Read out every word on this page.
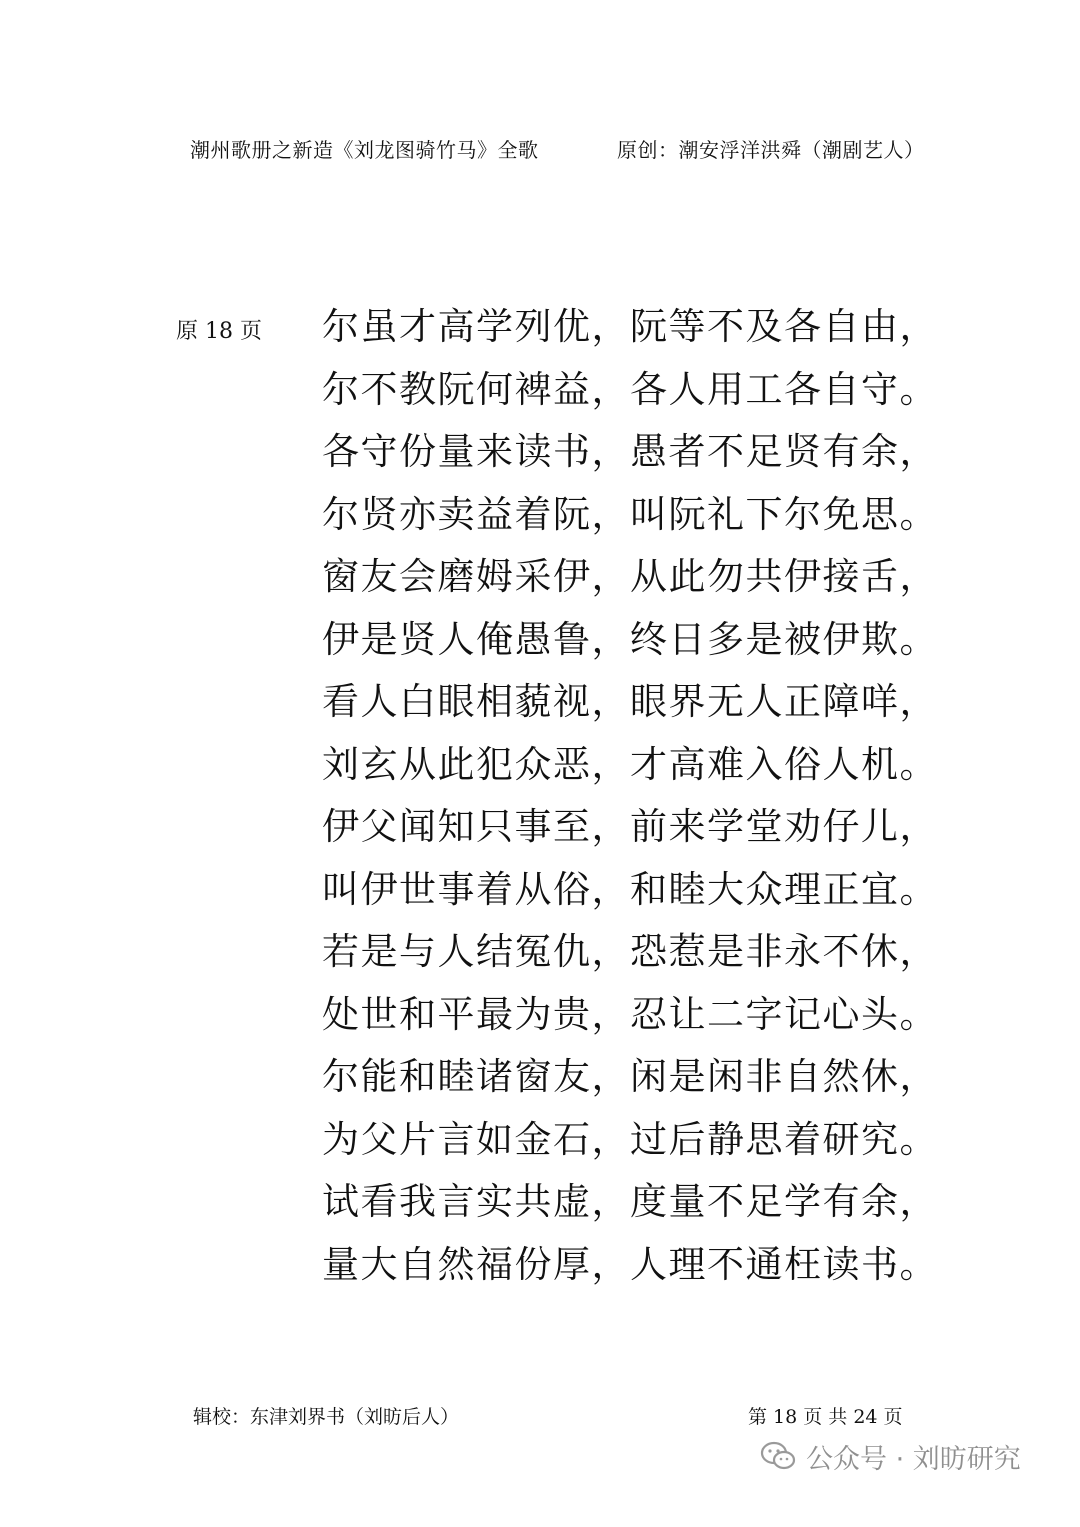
潮州歌册之新造《刘龙图骑竹马》全歌	原创：潮安浮洋洪舜（潮剧艺人）
原 18 页 尔虽才高学列优，阮等不及各自由，
尔不教阮何裨益，各人用工各自守。
各守份量来读书，愚者不足贤有余，
尔贤亦卖益着阮，叫阮礼下尔免思。
窗友会磨姆采伊，从此勿共伊接舌，
伊是贤人俺愚鲁，终日多是被伊欺。
看人白眼相藐视，眼界无人正障咩，
刘玄从此犯众恶，才高难入俗人机。
伊父闻知只事至，前来学堂劝仔儿，
叫伊世事着从俗，和睦大众理正宜。
若是与人结冤仇，恐惹是非永不休，
处世和平最为贵，忍让二字记心头。
尔能和睦诸窗友，闲是闲非自然休，
为父片言如金石，过后静思着研究。
试看我言实共虚，度量不足学有余，
量大自然福份厚，人理不通枉读书。
辑校：东津刘界书（刘昉后人）	第 18 页 共 24 页
公众号 · 刘昉研究
